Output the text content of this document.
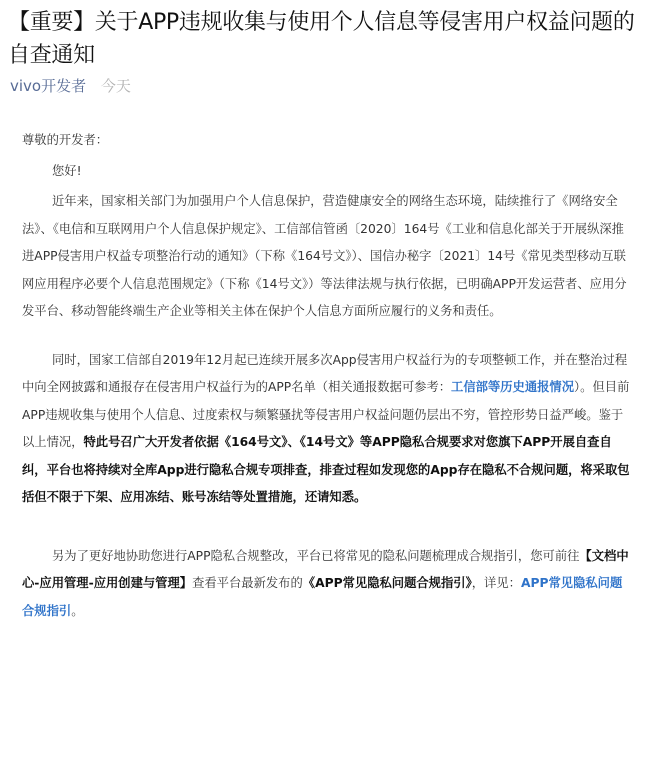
【重要】关于APP违规收集与使用个人信息等侵害用户权益问题的自查通知
vivo开发者 今天

尊敬的开发者：

您好!

近年来，国家相关部门为加强用户个人信息保护，营造健康安全的网络生态环境，陆续推行了《网络安全法》、《电信和互联网用户个人信息保护规定》、工信部信管函〔2020〕164号《工业和信息化部关于开展纵深推进APP侵害用户权益专项整治行动的通知》（下称《164号文》）、国信办秘字〔2021〕14号《常见类型移动互联网应用程序必要个人信息范围规定》（下称《14号文》）等法律法规与执行依据，已明确APP开发运营者、应用分发平台、移动智能终端生产企业等相关主体在保护个人信息方面所应履行的义务和责任。

同时，国家工信部自2019年12月起已连续开展多次App侵害用户权益行为的专项整顿工作，并在整治过程中向全网披露和通报存在侵害用户权益行为的APP名单（相关通报数据可参考：工信部等历史通报情况）。但目前APP违规收集与使用个人信息、过度索权与频繁骚扰等侵害用户权益问题仍层出不穷，管控形势日益严峻。鉴于以上情况，特此号召广大开发者依据《164号文》、《14号文》等APP隐私合规要求对您旗下APP开展自查自纠，平台也将持续对全库App进行隐私合规专项排查，排查过程如发现您的App存在隐私不合规问题，将采取包括但不限于下架、应用冻结、账号冻结等处置措施，还请知悉。

另为了更好地协助您进行APP隐私合规整改，平台已将常见的隐私问题梳理成合规指引，您可前往【文档中心-应用管理-应用创建与管理】查看平台最新发布的《APP常见隐私问题合规指引》，详见：APP常见隐私问题合规指引。
